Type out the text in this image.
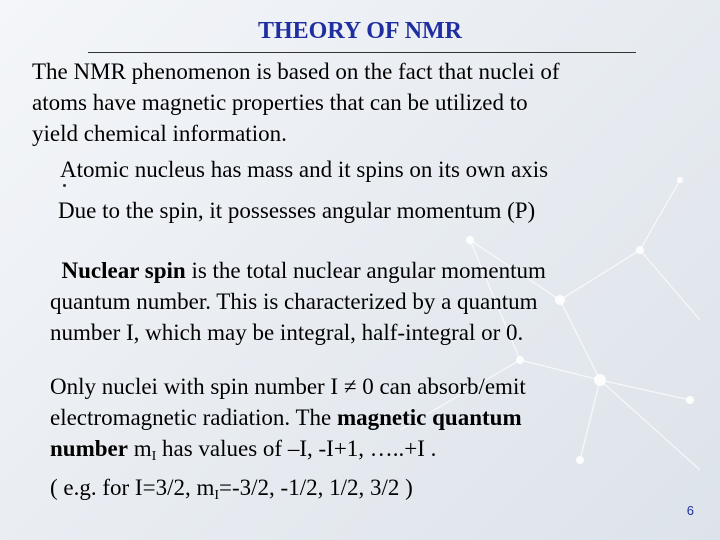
THEORY OF NMR
The NMR phenomenon is based on the fact that nuclei of
atoms have magnetic properties that can be utilized to
yield chemical information.
Atomic nucleus has mass and it spins on its own axis
Due to the spin, it possesses angular momentum (P)
Nuclear spin is the total nuclear angular momentum
quantum number. This is characterized by a quantum
number I, which may be integral, half-integral or 0.
Only nuclei with spin number I ≠ 0 can absorb/emit
electromagnetic radiation. The magnetic quantum
number $m_I$ has values of –I, -I+1, …..+I .
( e.g. for I=3/2, $m_I=-3/2$, -1/2, 1/2, 3/2 )
6
